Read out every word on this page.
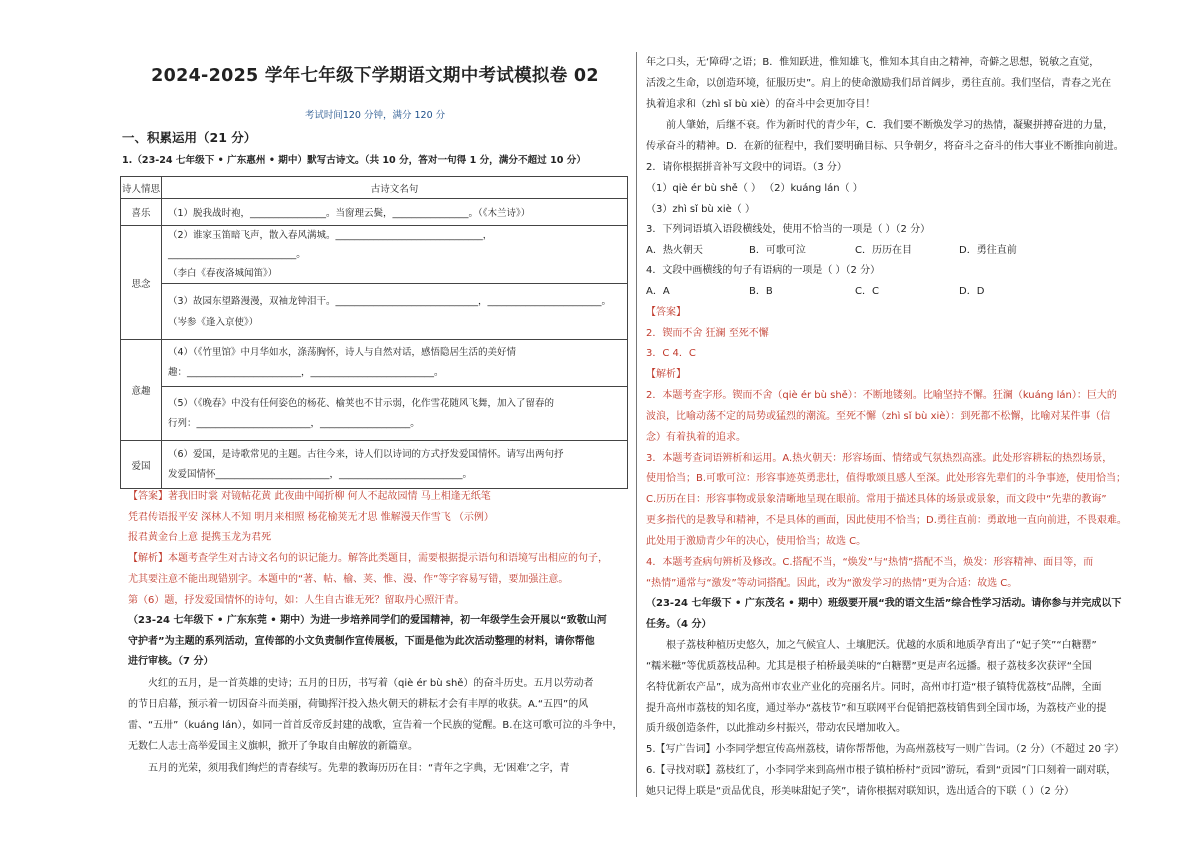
2024-2025 学年七年级下学期语文期中考试模拟卷 02
考试时间120 分钟，满分 120 分
一、积累运用（21 分）
1.（23-24 七年级下 • 广东惠州 • 期中）默写古诗文。（共 10 分，答对一句得 1 分，满分不超过 10 分）
诗人情思	古诗文名句
喜乐	（1）脱我战时袍，________________。当窗理云鬓，________________。（《木兰诗》）

思念	（2）谁家玉笛暗飞声，散入春风满城。_______________________________，___________________________。
（李白《春夜洛城闻笛》）

	（3）故园东望路漫漫，双袖龙钟泪干。______________________________，________________________。
（岑参《逢入京使》）

意趣	（4）（《竹里馆》中月华如水，涤荡胸怀，诗人与自然对话，感悟隐居生活的美好情
趣：________________________，__________________________。

	（5）（《晚春》中没有任何姿色的杨花、榆荚也不甘示弱，化作雪花随风飞舞，加入了留春的
行列：________________________，___________________。

爱国	（6）爱国，是诗歌常见的主题。古往今来，诗人们以诗词的方式抒发爱国情怀。请写出两句抒
发爱国情怀________________________，__________________________。
【答案】著我旧时裳 对镜帖花黄 此夜曲中闻折柳 何人不起故园情 马上相逢无纸笔
凭君传语报平安 深林人不知 明月来相照 杨花榆荚无才思 惟解漫天作雪飞 （示例）
报君黄金台上意 提携玉龙为君死
【解析】本题考查学生对古诗文名句的识记能力。解答此类题目，需要根据提示语句和语境写出相应的句子，
尤其要注意不能出现错别字。本题中的“著、帖、榆、荚、惟、漫、作”等字容易写错，要加强注意。
第（6）题，抒发爱国情怀的诗句，如：人生自古谁无死？留取丹心照汗青。
（23-24 七年级下 • 广东东莞 • 期中）为进一步培养同学们的爱国精神，初一年级学生会开展以“致敬山河
守护者”为主题的系列活动，宣传部的小文负责制作宣传展板，下面是他为此次活动整理的材料，请你帮他
进行审核。（7 分）
火红的五月，是一首英雄的史诗；五月的日历，书写着（qiè ér bù shě）的奋斗历史。五月以劳动者
的节日启幕，预示着一切因奋斗而美丽，荷锄挥汗投入热火朝天的耕耘才会有丰厚的收获。A.“五四”的风
雷、“五卅”（kuáng lán），如同一首首反帝反封建的战歌，宣告着一个民族的觉醒。B.在这可歌可泣的斗争中，
无数仁人志士高举爱国主义旗帜，掀开了争取自由解放的新篇章。
五月的光荣，须用我们绚烂的青春续写。先辈的教诲历历在目：“青年之字典，无‘困难’之字，青
年之口头，无‘障碍’之语；B．惟知跃进，惟知雄飞，惟知本其自由之精神，奇僻之思想，锐敏之直觉，
活泼之生命，以创造环境，征服历史”。肩上的使命激励我们昂首阔步，勇往直前。我们坚信，青春之光在
执着追求和（zhì sǐ bù xiè）的奋斗中会更加夺目！
前人肇始，后继不衰。作为新时代的青少年，C．我们要不断焕发学习的热情，凝聚拼搏奋进的力量，
传承奋斗的精神。D．在新的征程中，我们要明确目标、只争朝夕，将奋斗之奋斗的伟大事业不断推向前进。
2．请你根据拼音补写文段中的词语。（3 分）
（1）qiè ér bù shě（ ） （2）kuáng lán（ ）
（3）zhì sǐ bù xiè（ ）
3．下列词语填入语段横线处，使用不恰当的一项是（ ）（2 分）
A．热火朝天	B．可歌可泣	C．历历在目	D．勇往直前
4．文段中画横线的句子有语病的一项是（ ）（2 分）
A．A	B．B	C．C	D．D
【答案】
2．锲而不舍 狂澜 至死不懈
3．C 4．C
【解析】
2．本题考查字形。锲而不舍（qiè ér bù shě）：不断地镂刻。比喻坚持不懈。狂澜（kuáng lán）：巨大的
波浪，比喻动荡不定的局势或猛烈的潮流。至死不懈（zhì sǐ bù xiè）：到死都不松懈，比喻对某件事（信
念）有着执着的追求。
3．本题考查词语辨析和运用。A.热火朝天：形容场面、情绪或气氛热烈高涨。此处形容耕耘的热烈场景，
使用恰当；B.可歌可泣：形容事迹英勇悲壮，值得歌颂且感人至深。此处形容先辈们的斗争事迹，使用恰当；
C.历历在目：形容事物或景象清晰地呈现在眼前。常用于描述具体的场景或景象，而文段中“先辈的教诲”
更多指代的是教导和精神，不是具体的画面，因此使用不恰当；D.勇往直前：勇敢地一直向前进，不畏艰难。
此处用于激励青少年的决心，使用恰当；故选 C。
4．本题考查病句辨析及修改。C.搭配不当，“焕发”与“热情”搭配不当，焕发：形容精神、面目等，而
“热情”通常与“激发”等动词搭配。因此，改为“激发学习的热情”更为合适：故选 C。
（23-24 七年级下 • 广东茂名 • 期中）班级要开展“我的语文生活”综合性学习活动。请你参与并完成以下
任务。（4 分）
根子荔枝种植历史悠久，加之气候宜人、土壤肥沃。优越的水质和地质孕育出了“妃子笑”“白糖罂”
“糯米糍”等优质荔枝品种。尤其是根子柏桥最美味的“白糖罂”更是声名远播。根子荔枝多次获评“全国
名特优新农产品”，成为高州市农业产业化的亮丽名片。同时，高州市打造“根子镇特优荔枝”品牌，全面
提升高州市荔枝的知名度，通过举办“荔枝节”和互联网平台促销把荔枝销售到全国市场，为荔枝产业的提
质升级创造条件，以此推动乡村振兴，带动农民增加收入。
5.【写广告词】小李同学想宣传高州荔枝，请你帮帮他，为高州荔枝写一则广告词。（2 分）（不超过 20 字）
6.【寻找对联】荔枝红了，小李同学来到高州市根子镇柏桥村“贡园”游玩，看到“贡园”门口刻着一副对联，
她只记得上联是“贡品优良，形美味甜妃子笑”，请你根据对联知识，选出适合的下联（ ）（2 分）
